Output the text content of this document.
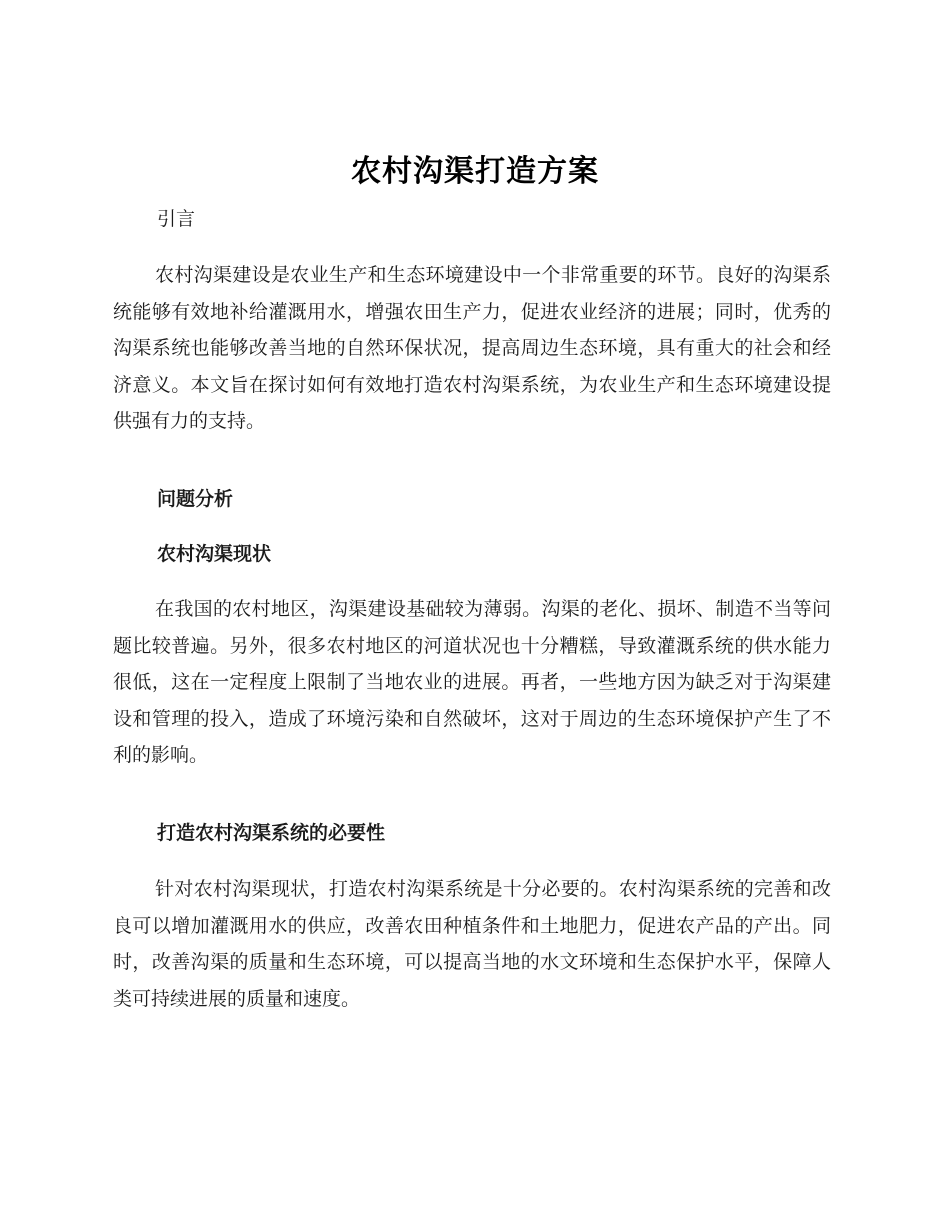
农村沟渠打造方案
引言
农村沟渠建设是农业生产和生态环境建设中一个非常重要的环节。良好的沟渠系统能够有效地补给灌溉用水，增强农田生产力，促进农业经济的进展；同时，优秀的沟渠系统也能够改善当地的自然环保状况，提高周边生态环境，具有重大的社会和经济意义。本文旨在探讨如何有效地打造农村沟渠系统，为农业生产和生态环境建设提供强有力的支持。
问题分析
农村沟渠现状
在我国的农村地区，沟渠建设基础较为薄弱。沟渠的老化、损坏、制造不当等问题比较普遍。另外，很多农村地区的河道状况也十分糟糕，导致灌溉系统的供水能力很低，这在一定程度上限制了当地农业的进展。再者，一些地方因为缺乏对于沟渠建设和管理的投入，造成了环境污染和自然破坏，这对于周边的生态环境保护产生了不利的影响。
打造农村沟渠系统的必要性
针对农村沟渠现状，打造农村沟渠系统是十分必要的。农村沟渠系统的完善和改良可以增加灌溉用水的供应，改善农田种植条件和土地肥力，促进农产品的产出。同时，改善沟渠的质量和生态环境，可以提高当地的水文环境和生态保护水平，保障人类可持续进展的质量和速度。
